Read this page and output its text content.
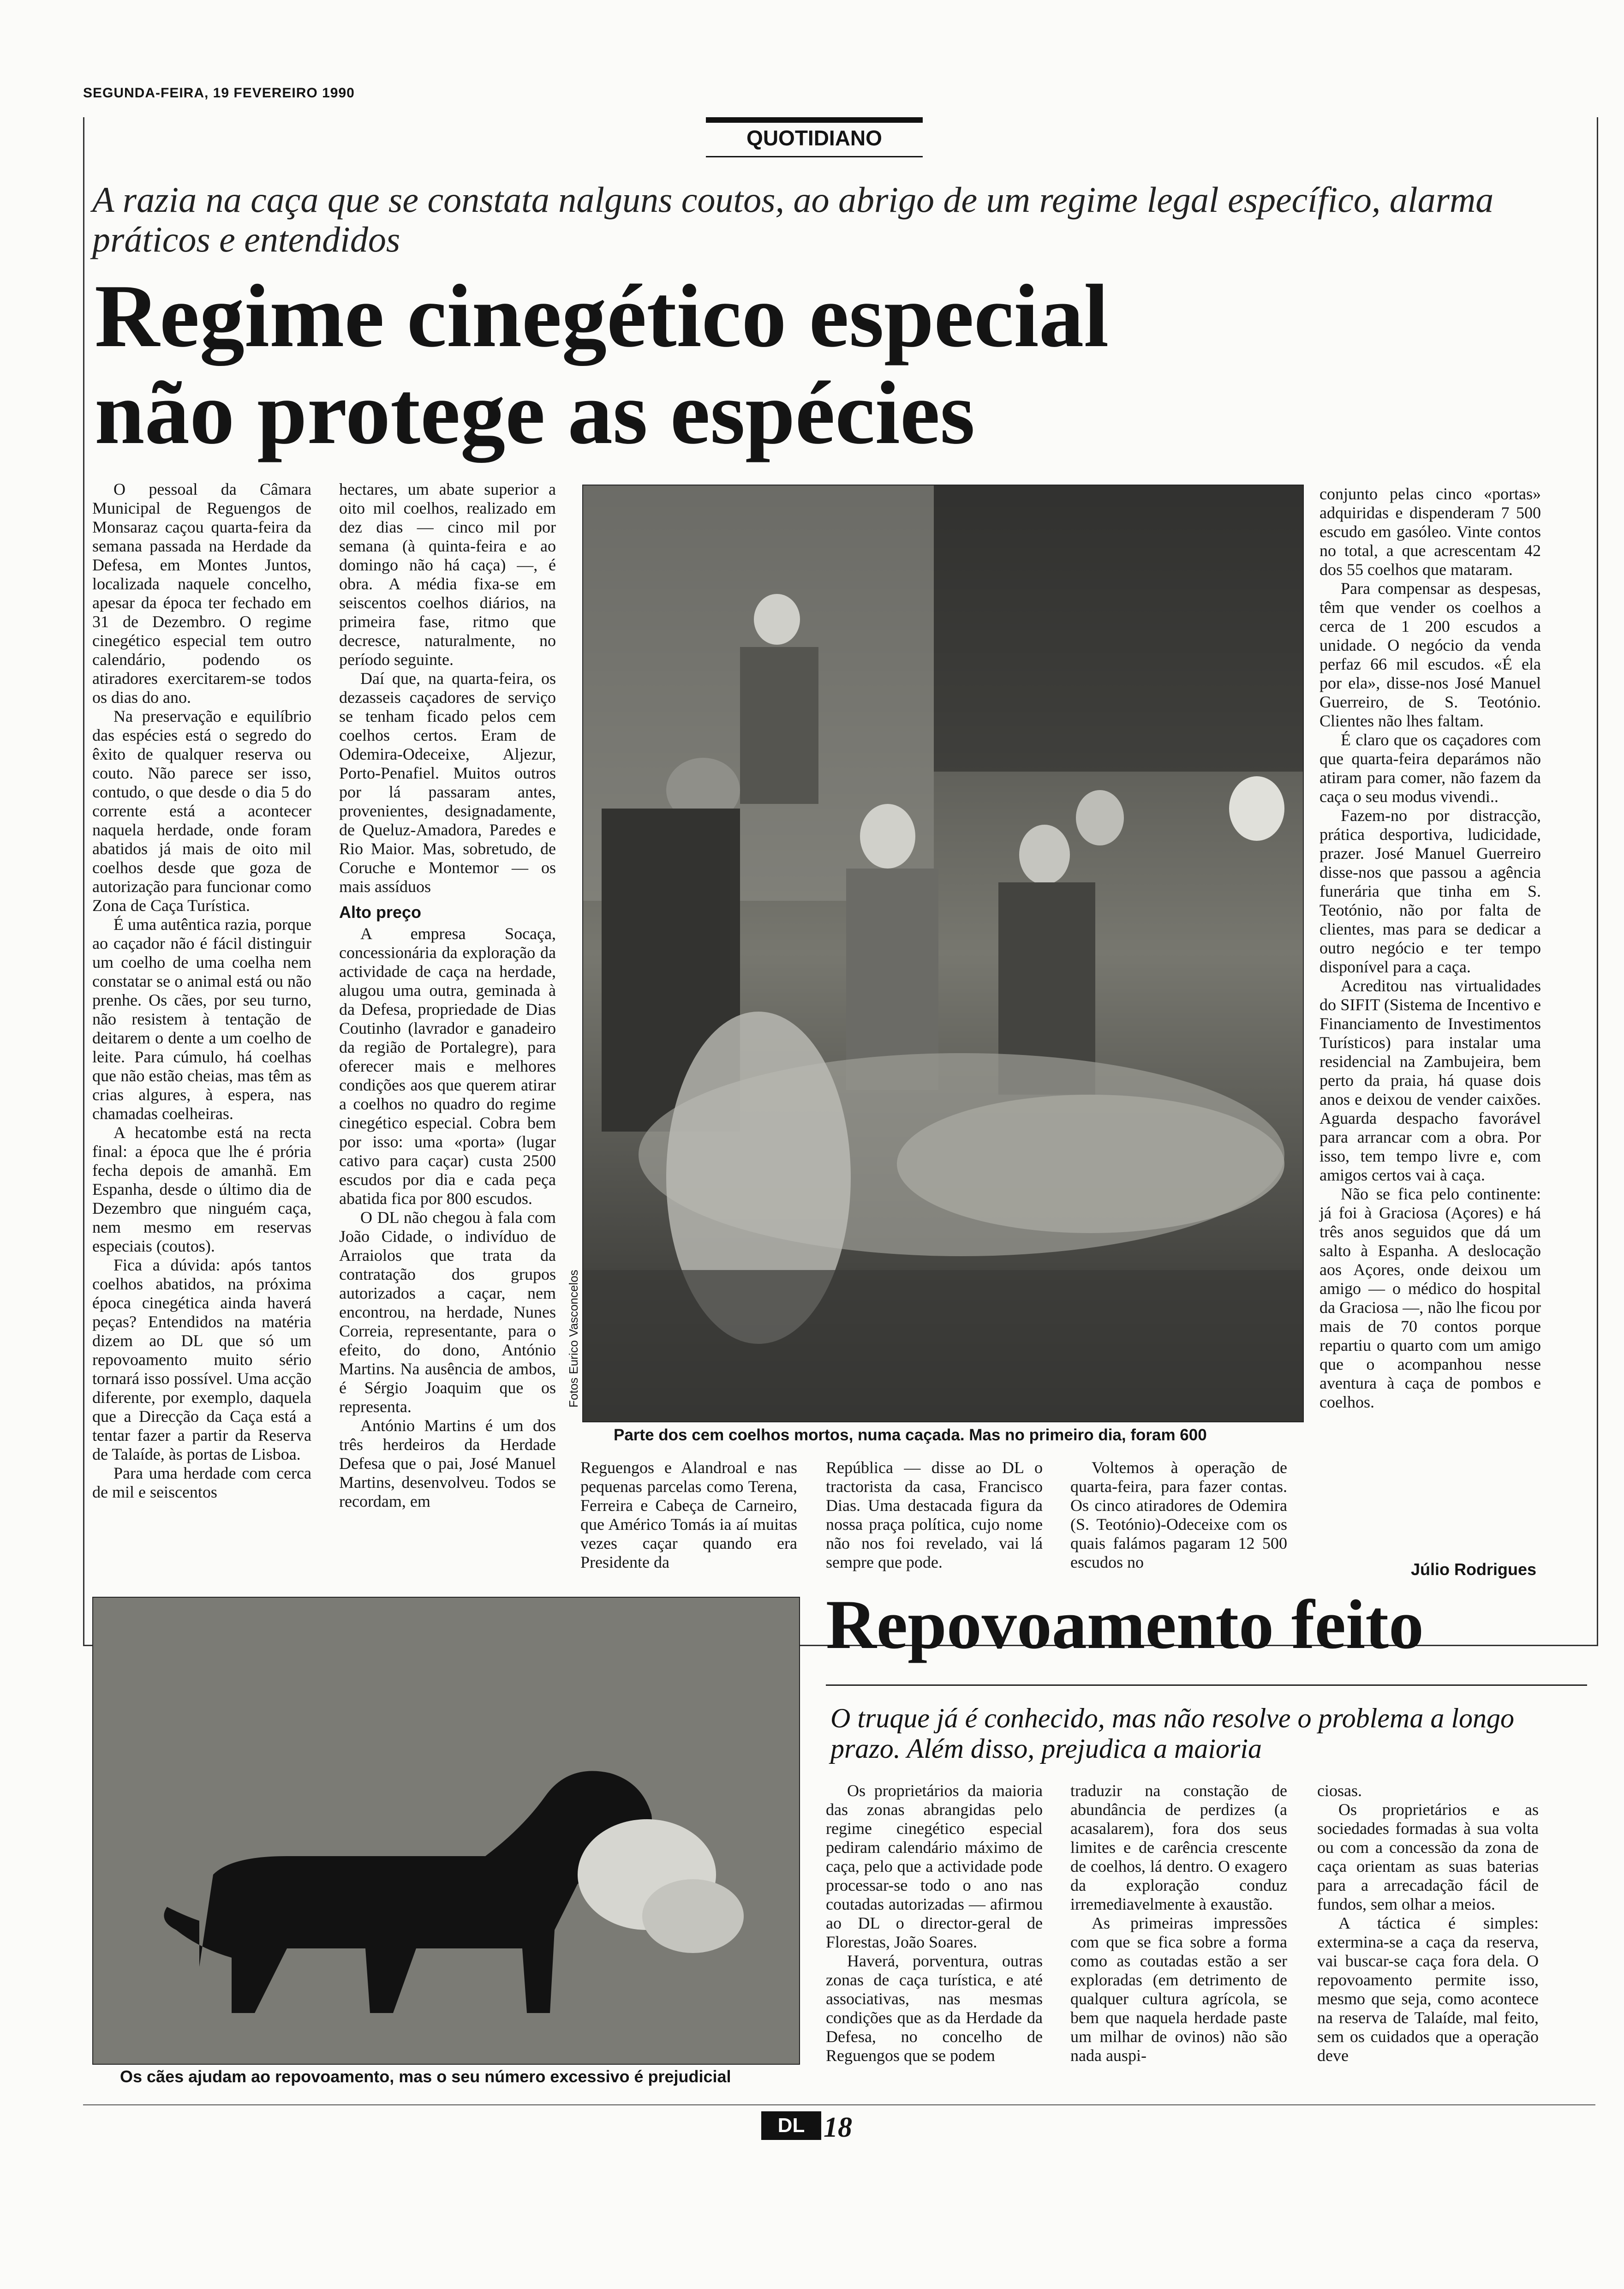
SEGUNDA-FEIRA, 19 FEVEREIRO 1990
QUOTIDIANO
A razia na caça que se constata nalguns coutos, ao abrigo de um regime legal específico, alarma práticos e entendidos
Regime cinegético especial
não protege as espécies

O pessoal da Câmara Municipal de Reguengos de Monsaraz caçou quarta-feira da semana passada na Herdade da Defesa, em Montes Juntos, localizada naquele concelho, apesar da época ter fechado em 31 de Dezembro. O regime cinegético especial tem outro calendário, podendo os atiradores exercitarem-se todos os dias do ano.

Na preservação e equilíbrio das espécies está o segredo do êxito de qualquer reserva ou couto. Não parece ser isso, contudo, o que desde o dia 5 do corrente está a acontecer naquela herdade, onde foram abatidos já mais de oito mil coelhos desde que goza de autorização para funcionar como Zona de Caça Turística.

É uma autêntica razia, porque ao caçador não é fácil distinguir um coelho de uma coelha nem constatar se o animal está ou não prenhe. Os cães, por seu turno, não resistem à tentação de deitarem o dente a um coelho de leite. Para cúmulo, há coelhas que não estão cheias, mas têm as crias algures, à espera, nas chamadas coelheiras.

A hecatombe está na recta final: a época que lhe é prória fecha depois de amanhã. Em Espanha, desde o último dia de Dezembro que ninguém caça, nem mesmo em reservas especiais (coutos).

Fica a dúvida: após tantos coelhos abatidos, na próxima época cinegética ainda haverá peças? Entendidos na matéria dizem ao DL que só um repovoamento muito sério tornará isso possível. Uma acção diferente, por exemplo, daquela que a Direcção da Caça está a tentar fazer a partir da Reserva de Talaíde, às portas de Lisboa.

Para uma herdade com cerca de mil e seiscentos

hectares, um abate superior a oito mil coelhos, realizado em dez dias — cinco mil por semana (à quinta-feira e ao domingo não há caça) —, é obra. A média fixa-se em seiscentos coelhos diários, na primeira fase, ritmo que decresce, naturalmente, no período seguinte.

Daí que, na quarta-feira, os dezasseis caçadores de serviço se tenham ficado pelos cem coelhos certos. Eram de Odemira-Odeceixe, Aljezur, Porto-Penafiel. Muitos outros por lá passaram antes, provenientes, designadamente, de Queluz-Amadora, Paredes e Rio Maior. Mas, sobretudo, de Coruche e Montemor — os mais assíduos

Alto preço

A empresa Socaça, concessionária da exploração da actividade de caça na herdade, alugou uma outra, geminada à da Defesa, propriedade de Dias Coutinho (lavrador e ganadeiro da região de Portalegre), para oferecer mais e melhores condições aos que querem atirar a coelhos no quadro do regime cinegético especial. Cobra bem por isso: uma «porta» (lugar cativo para caçar) custa 2500 escudos por dia e cada peça abatida fica por 800 escudos.

O DL não chegou à fala com João Cidade, o indivíduo de Arraiolos que trata da contratação dos grupos autorizados a caçar, nem encontrou, na herdade, Nunes Correia, representante, para o efeito, do dono, António Martins. Na ausência de ambos, é Sérgio Joaquim que os representa.

António Martins é um dos três herdeiros da Herdade Defesa que o pai, José Manuel Martins, desenvolveu. Todos se recordam, em

Fotos Eurico Vasconcelos
Parte dos cem coelhos mortos, numa caçada. Mas no primeiro dia, foram 600

Reguengos e Alandroal e nas pequenas parcelas como Terena, Ferreira e Cabeça de Carneiro, que Américo Tomás ia aí muitas vezes caçar quando era Presidente da

República — disse ao DL o tractorista da casa, Francisco Dias. Uma destacada figura da nossa praça política, cujo nome não nos foi revelado, vai lá sempre que pode.

Voltemos à operação de quarta-feira, para fazer contas. Os cinco atiradores de Odemira (S. Teotónio)-Odeceixe com os quais falámos pagaram 12 500 escudos no

conjunto pelas cinco «portas» adquiridas e dispenderam 7 500 escudo em gasóleo. Vinte contos no total, a que acrescentam 42 dos 55 coelhos que mataram.

Para compensar as despesas, têm que vender os coelhos a cerca de 1 200 escudos a unidade. O negócio da venda perfaz 66 mil escudos. «É ela por ela», disse-nos José Manuel Guerreiro, de S. Teotónio. Clientes não lhes faltam.

É claro que os caçadores com que quarta-feira deparámos não atiram para comer, não fazem da caça o seu modus vivendi..

Fazem-no por distracção, prática desportiva, ludicidade, prazer. José Manuel Guerreiro disse-nos que passou a agência funerária que tinha em S. Teotónio, não por falta de clientes, mas para se dedicar a outro negócio e ter tempo disponível para a caça.

Acreditou nas virtualidades do SIFIT (Sistema de Incentivo e Financiamento de Investimentos Turísticos) para instalar uma residencial na Zambujeira, bem perto da praia, há quase dois anos e deixou de vender caixões. Aguarda despacho favorável para arrancar com a obra. Por isso, tem tempo livre e, com amigos certos vai à caça.

Não se fica pelo continente: já foi à Graciosa (Açores) e há três anos seguidos que dá um salto à Espanha. A deslocação aos Açores, onde deixou um amigo — o médico do hospital da Graciosa —, não lhe ficou por mais de 70 contos porque repartiu o quarto com um amigo que o acompanhou nesse aventura à caça de pombos e coelhos.

Júlio Rodrigues
Os cães ajudam ao repovoamento, mas o seu número excessivo é prejudicial
Repovoamento feito
O truque já é conhecido, mas não resolve o problema a longo prazo. Além disso, prejudica a maioria

Os proprietários da maioria das zonas abrangidas pelo regime cinegético especial pediram calendário máximo de caça, pelo que a actividade pode processar-se todo o ano nas coutadas autorizadas — afirmou ao DL o director-geral de Florestas, João Soares.

Haverá, porventura, outras zonas de caça turística, e até associativas, nas mesmas condições que as da Herdade da Defesa, no concelho de Reguengos que se podem

traduzir na constação de abundância de perdizes (a acasalarem), fora dos seus limites e de carência crescente de coelhos, lá dentro. O exagero da exploração conduz irremediavelmente à exaustão.

As primeiras impressões com que se fica sobre a forma como as coutadas estão a ser exploradas (em detrimento de qualquer cultura agrícola, se bem que naquela herdade paste um milhar de ovinos) não são nada auspi-

ciosas.

Os proprietários e as sociedades formadas à sua volta ou com a concessão da zona de caça orientam as suas baterias para a arrecadação fácil de fundos, sem olhar a meios.

A táctica é simples: extermina-se a caça da reserva, vai buscar-se caça fora dela. O repovoamento permite isso, mesmo que seja, como acontece na reserva de Talaíde, mal feito, sem os cuidados que a operação deve

DL 18
